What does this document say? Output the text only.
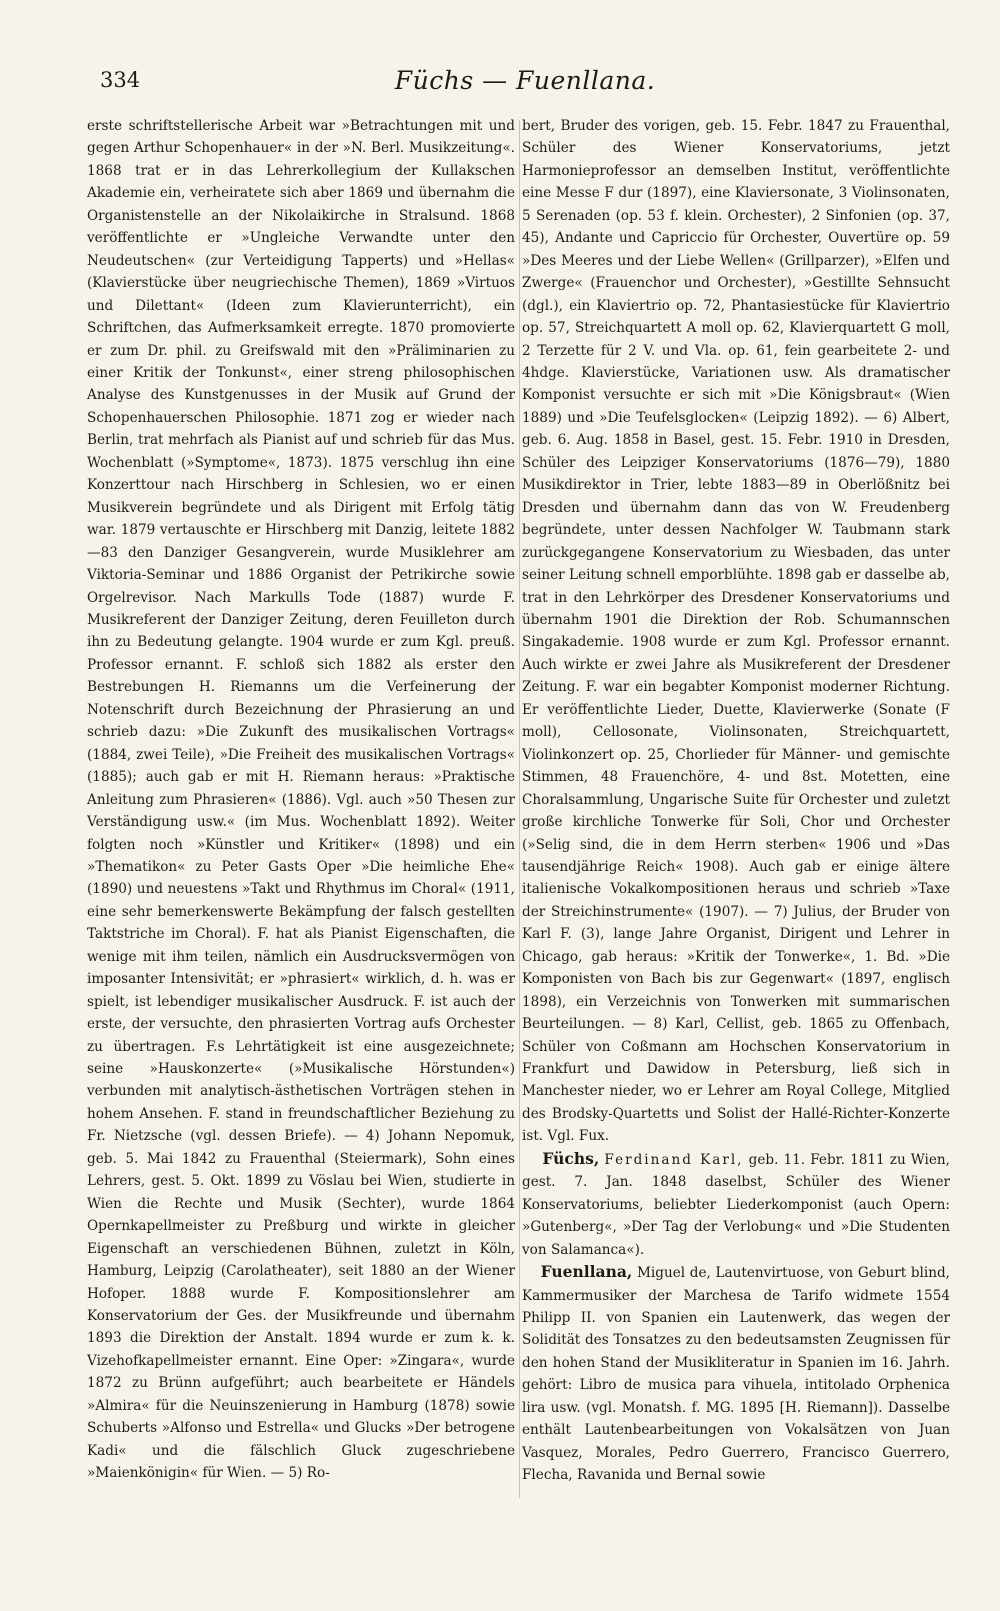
334	Füchs — Fuenllana.

erste schriftstellerische Arbeit war »Betrachtungen mit und gegen Arthur Schopenhauer« in der »N. Berl. Musikzeitung«. 1868 trat er in das Lehrerkollegium der Kullakschen Akademie ein, verheiratete sich aber 1869 und übernahm die Organistenstelle an der Nikolaikirche in Stralsund. 1868 veröffentlichte er »Ungleiche Verwandte unter den Neudeutschen« (zur Verteidigung Tapperts) und »Hellas« (Klavierstücke über neugriechische Themen), 1869 »Virtuos und Dilettant« (Ideen zum Klavierunterricht), ein Schriftchen, das Aufmerksamkeit erregte. 1870 promovierte er zum Dr. phil. zu Greifswald mit den »Präliminarien zu einer Kritik der Tonkunst«, einer streng philosophischen Analyse des Kunstgenusses in der Musik auf Grund der Schopenhauerschen Philosophie. 1871 zog er wieder nach Berlin, trat mehrfach als Pianist auf und schrieb für das Mus. Wochenblatt (»Symptome«, 1873). 1875 verschlug ihn eine Konzerttour nach Hirschberg in Schlesien, wo er einen Musikverein begründete und als Dirigent mit Erfolg tätig war. 1879 vertauschte er Hirschberg mit Danzig, leitete 1882—83 den Danziger Gesangverein, wurde Musiklehrer am Viktoria-Seminar und 1886 Organist der Petrikirche sowie Orgelrevisor. Nach Markulls Tode (1887) wurde F. Musikreferent der Danziger Zeitung, deren Feuilleton durch ihn zu Bedeutung gelangte. 1904 wurde er zum Kgl. preuß. Professor ernannt. F. schloß sich 1882 als erster den Bestrebungen H. Riemanns um die Verfeinerung der Notenschrift durch Bezeichnung der Phrasierung an und schrieb dazu: »Die Zukunft des musikalischen Vortrags« (1884, zwei Teile), »Die Freiheit des musikalischen Vortrags« (1885); auch gab er mit H. Riemann heraus: »Praktische Anleitung zum Phrasieren« (1886). Vgl. auch »50 Thesen zur Verständigung usw.« (im Mus. Wochenblatt 1892). Weiter folgten noch »Künstler und Kritiker« (1898) und ein »Thematikon« zu Peter Gasts Oper »Die heimliche Ehe« (1890) und neuestens »Takt und Rhythmus im Choral« (1911, eine sehr bemerkenswerte Bekämpfung der falsch gestellten Taktstriche im Choral). F. hat als Pianist Eigenschaften, die wenige mit ihm teilen, nämlich ein Ausdrucksvermögen von imposanter Intensivität; er »phrasiert« wirklich, d. h. was er spielt, ist lebendiger musikalischer Ausdruck. F. ist auch der erste, der versuchte, den phrasierten Vortrag aufs Orchester zu übertragen. F.s Lehrtätigkeit ist eine ausgezeichnete; seine »Hauskonzerte« (»Musikalische Hörstunden«) verbunden mit analytisch-ästhetischen Vorträgen stehen in hohem Ansehen. F. stand in freundschaftlicher Beziehung zu Fr. Nietzsche (vgl. dessen Briefe). — 4) Johann Nepomuk, geb. 5. Mai 1842 zu Frauenthal (Steiermark), Sohn eines Lehrers, gest. 5. Okt. 1899 zu Vöslau bei Wien, studierte in Wien die Rechte und Musik (Sechter), wurde 1864 Opernkapellmeister zu Preßburg und wirkte in gleicher Eigenschaft an verschiedenen Bühnen, zuletzt in Köln, Hamburg, Leipzig (Carolatheater), seit 1880 an der Wiener Hofoper. 1888 wurde F. Kompositionslehrer am Konservatorium der Ges. der Musikfreunde und übernahm 1893 die Direktion der Anstalt. 1894 wurde er zum k. k. Vizehofkapellmeister ernannt. Eine Oper: »Zingara«, wurde 1872 zu Brünn aufgeführt; auch bearbeitete er Händels »Almira« für die Neuinszenierung in Hamburg (1878) sowie Schuberts »Alfonso und Estrella« und Glucks »Der betrogene Kadi« und die fälschlich Gluck zugeschriebene »Maienkönigin« für Wien. — 5) Ro-

bert, Bruder des vorigen, geb. 15. Febr. 1847 zu Frauenthal, Schüler des Wiener Konservatoriums, jetzt Harmonieprofessor an demselben Institut, veröffentlichte eine Messe F dur (1897), eine Klaviersonate, 3 Violinsonaten, 5 Serenaden (op. 53 f. klein. Orchester), 2 Sinfonien (op. 37, 45), Andante und Capriccio für Orchester, Ouvertüre op. 59 »Des Meeres und der Liebe Wellen« (Grillparzer), »Elfen und Zwerge« (Frauenchor und Orchester), »Gestillte Sehnsucht (dgl.), ein Klaviertrio op. 72, Phantasiestücke für Klaviertrio op. 57, Streichquartett A moll op. 62, Klavierquartett G moll, 2 Terzette für 2 V. und Vla. op. 61, fein gearbeitete 2- und 4hdge. Klavierstücke, Variationen usw. Als dramatischer Komponist versuchte er sich mit »Die Königsbraut« (Wien 1889) und »Die Teufelsglocken« (Leipzig 1892). — 6) Albert, geb. 6. Aug. 1858 in Basel, gest. 15. Febr. 1910 in Dresden, Schüler des Leipziger Konservatoriums (1876—79), 1880 Musikdirektor in Trier, lebte 1883—89 in Oberlößnitz bei Dresden und übernahm dann das von W. Freudenberg begründete, unter dessen Nachfolger W. Taubmann stark zurückgegangene Konservatorium zu Wiesbaden, das unter seiner Leitung schnell emporblühte. 1898 gab er dasselbe ab, trat in den Lehrkörper des Dresdener Konservatoriums und übernahm 1901 die Direktion der Rob. Schumannschen Singakademie. 1908 wurde er zum Kgl. Professor ernannt. Auch wirkte er zwei Jahre als Musikreferent der Dresdener Zeitung. F. war ein begabter Komponist moderner Richtung. Er veröffentlichte Lieder, Duette, Klavierwerke (Sonate (F moll), Cellosonate, Violinsonaten, Streichquartett, Violinkonzert op. 25, Chorlieder für Männer- und gemischte Stimmen, 48 Frauenchöre, 4- und 8st. Motetten, eine Choralsammlung, Ungarische Suite für Orchester und zuletzt große kirchliche Tonwerke für Soli, Chor und Orchester (»Selig sind, die in dem Herrn sterben« 1906 und »Das tausendjährige Reich« 1908). Auch gab er einige ältere italienische Vokalkompositionen heraus und schrieb »Taxe der Streichinstrumente« (1907). — 7) Julius, der Bruder von Karl F. (3), lange Jahre Organist, Dirigent und Lehrer in Chicago, gab heraus: »Kritik der Tonwerke«, 1. Bd. »Die Komponisten von Bach bis zur Gegenwart« (1897, englisch 1898), ein Verzeichnis von Tonwerken mit summarischen Beurteilungen. — 8) Karl, Cellist, geb. 1865 zu Offenbach, Schüler von Coßmann am Hochschen Konservatorium in Frankfurt und Dawidow in Petersburg, ließ sich in Manchester nieder, wo er Lehrer am Royal College, Mitglied des Brodsky-Quartetts und Solist der Hallé-Richter-Konzerte ist. Vgl. Fux.

Füchs, Ferdinand Karl, geb. 11. Febr. 1811 zu Wien, gest. 7. Jan. 1848 daselbst, Schüler des Wiener Konservatoriums, beliebter Liederkomponist (auch Opern: »Gutenberg«, »Der Tag der Verlobung« und »Die Studenten von Salamanca«).

Fuenllana, Miguel de, Lautenvirtuose, von Geburt blind, Kammermusiker der Marchesa de Tarifo widmete 1554 Philipp II. von Spanien ein Lautenwerk, das wegen der Solidität des Tonsatzes zu den bedeutsamsten Zeugnissen für den hohen Stand der Musikliteratur in Spanien im 16. Jahrh. gehört: Libro de musica para vihuela, intitolado Orphenica lira usw. (vgl. Monatsh. f. MG. 1895 [H. Riemann]). Dasselbe enthält Lautenbearbeitungen von Vokalsätzen von Juan Vasquez, Morales, Pedro Guerrero, Francisco Guerrero, Flecha, Ravanida und Bernal sowie
